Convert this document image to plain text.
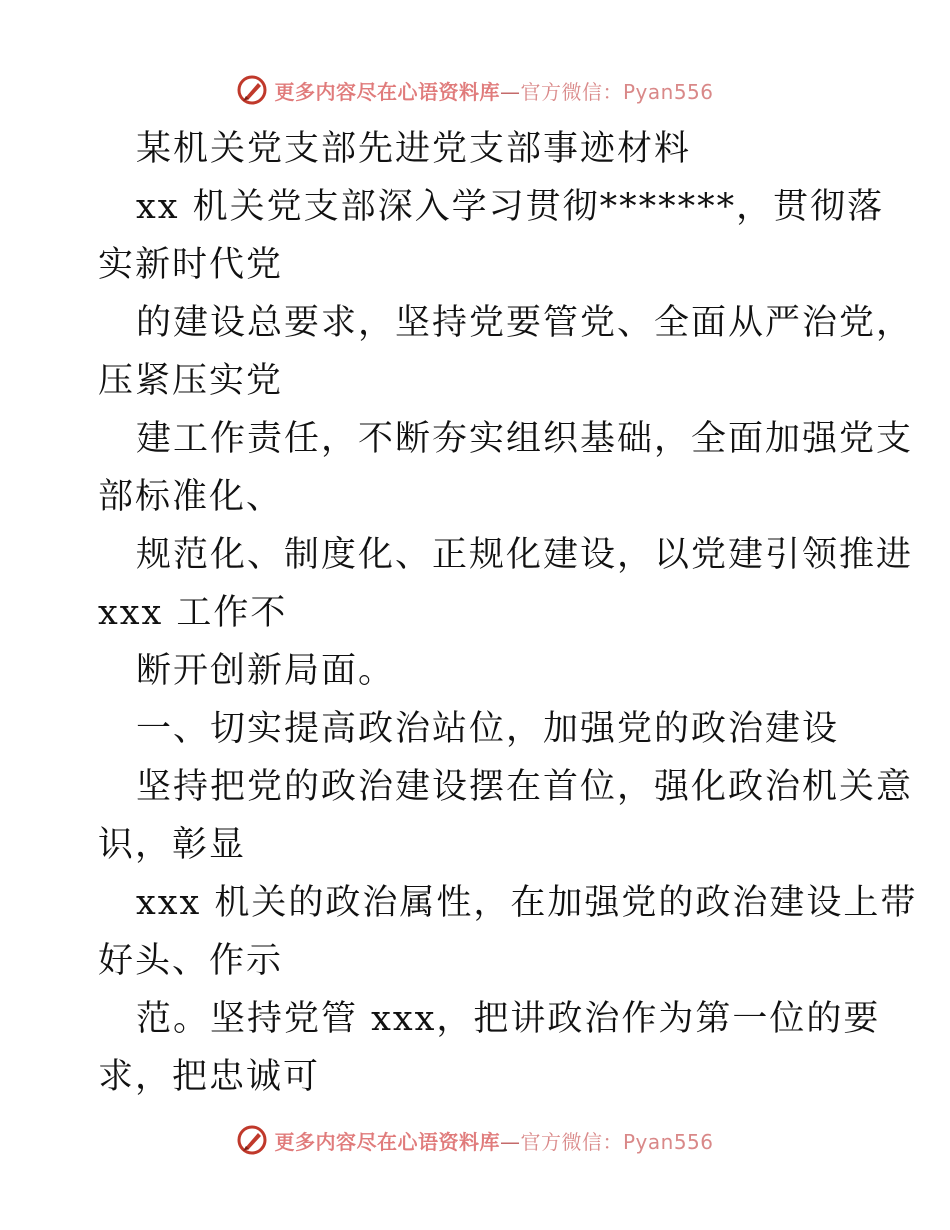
更多内容尽在心语资料库—官方微信：Pyan556
某机关党支部先进党支部事迹材料
xx 机关党支部深入学习贯彻*******，贯彻落
实新时代党
的建设总要求，坚持党要管党、全面从严治党，
压紧压实党
建工作责任，不断夯实组织基础，全面加强党支
部标准化、
规范化、制度化、正规化建设，以党建引领推进
xxx 工作不
断开创新局面。
一、切实提高政治站位，加强党的政治建设
坚持把党的政治建设摆在首位，强化政治机关意
识，彰显
xxx 机关的政治属性，在加强党的政治建设上带
好头、作示
范。坚持党管 xxx，把讲政治作为第一位的要
求，把忠诚可
更多内容尽在心语资料库—官方微信：Pyan556
